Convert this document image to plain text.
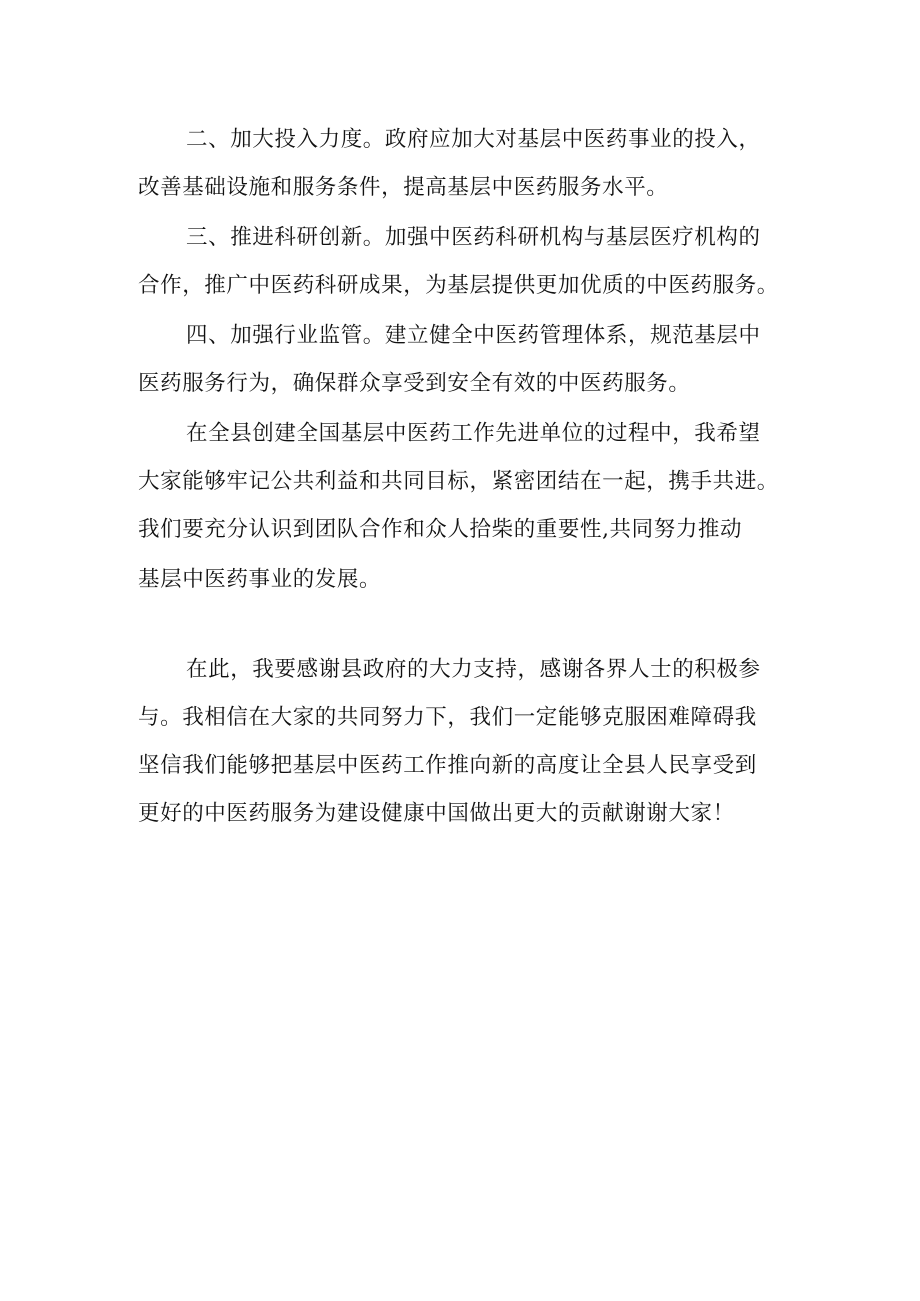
二、加大投入力度。政府应加大对基层中医药事业的投入，
改善基础设施和服务条件，提高基层中医药服务水平。
三、推进科研创新。加强中医药科研机构与基层医疗机构的
合作，推广中医药科研成果，为基层提供更加优质的中医药服务。
四、加强行业监管。建立健全中医药管理体系，规范基层中
医药服务行为，确保群众享受到安全有效的中医药服务。
在全县创建全国基层中医药工作先进单位的过程中，我希望
大家能够牢记公共利益和共同目标，紧密团结在一起，携手共进。
我们要充分认识到团队合作和众人拾柴的重要性,共同努力推动
基层中医药事业的发展。
在此，我要感谢县政府的大力支持，感谢各界人士的积极参
与。我相信在大家的共同努力下，我们一定能够克服困难障碍我
坚信我们能够把基层中医药工作推向新的高度让全县人民享受到
更好的中医药服务为建设健康中国做出更大的贡献谢谢大家！
